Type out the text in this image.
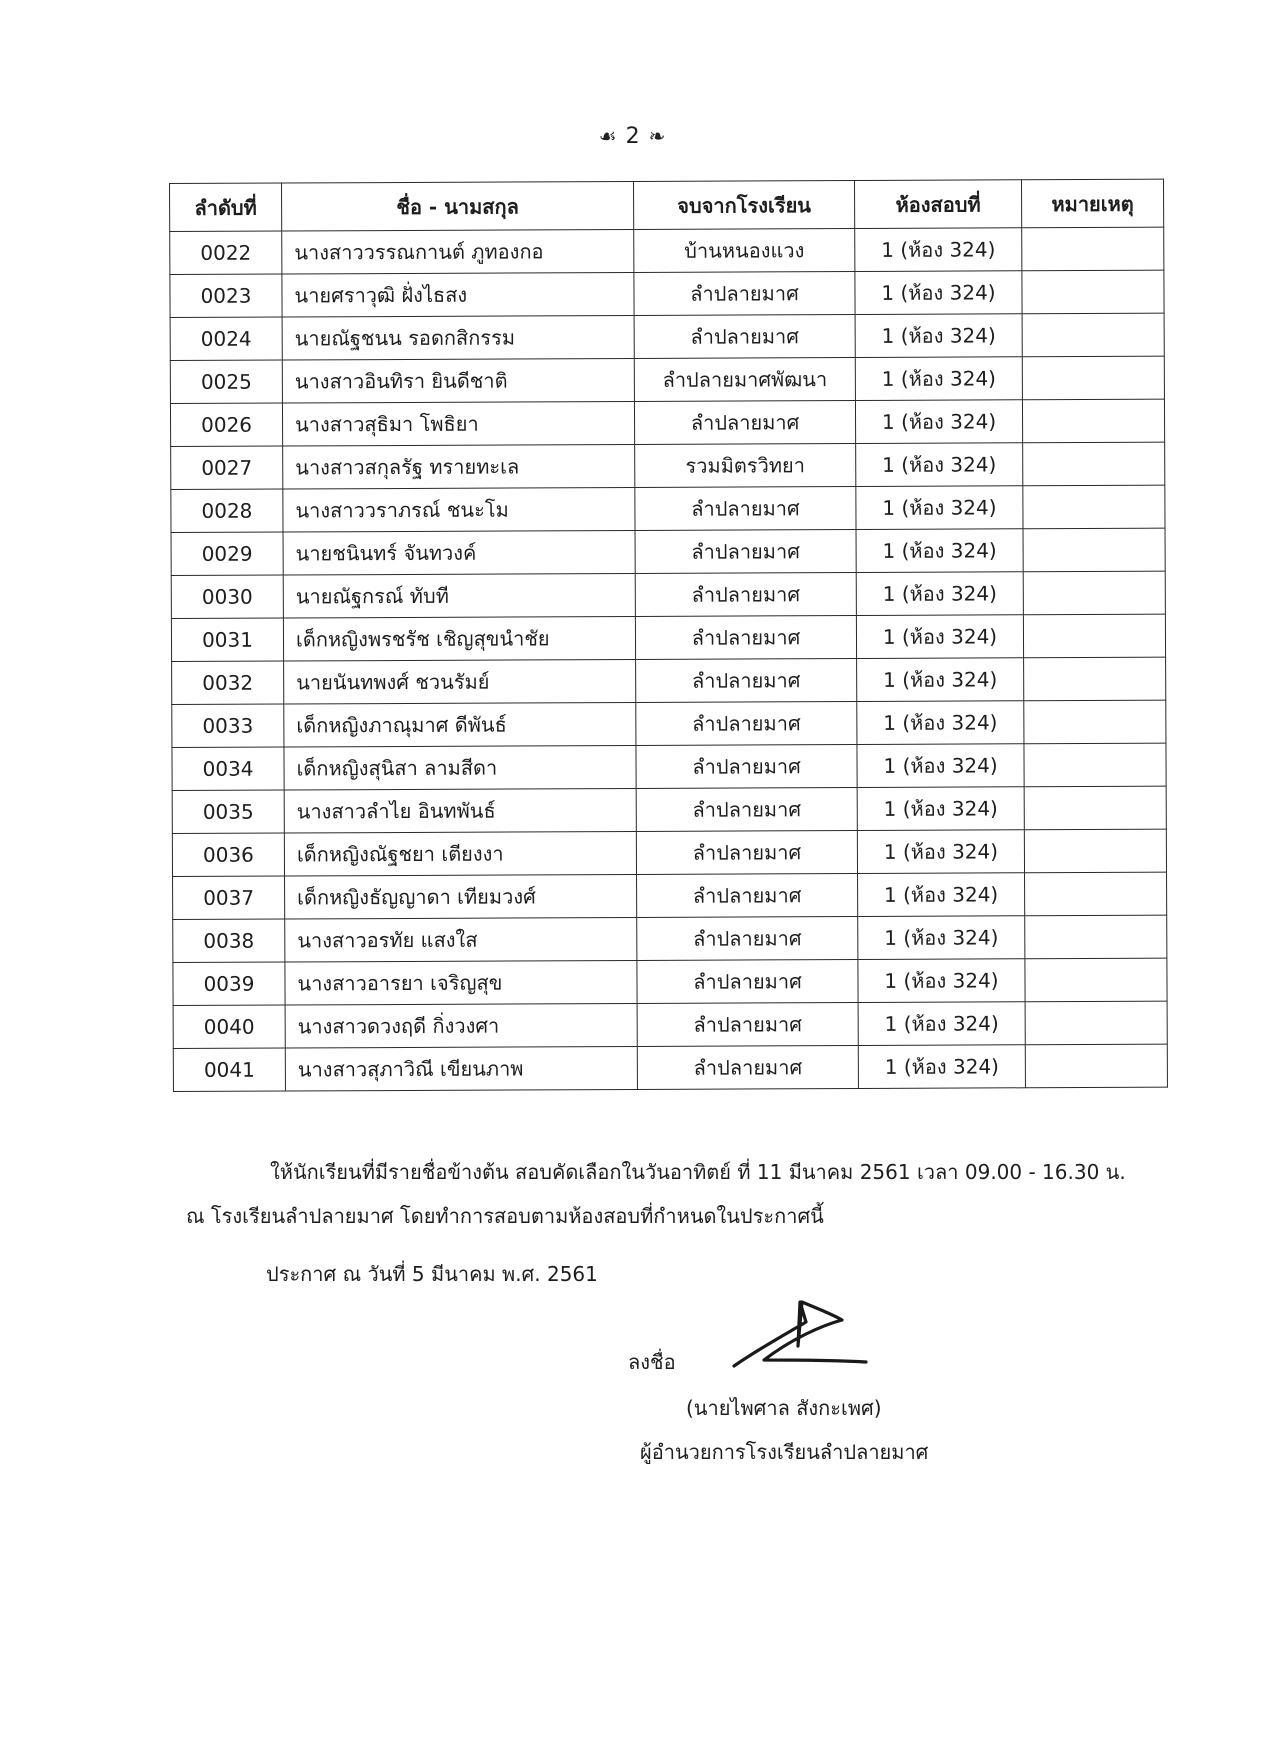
☙ 2 ❧
ลำดับที่	ชื่อ - นามสกุล	จบจากโรงเรียน	ห้องสอบที่	หมายเหตุ
0022	นางสาววรรณกานต์ ภูทองกอ	บ้านหนองแวง	1 (ห้อง 324)	
0023	นายศราวุฒิ ฝั่งไธสง	ลำปลายมาศ	1 (ห้อง 324)	
0024	นายณัฐชนน รอดกสิกรรม	ลำปลายมาศ	1 (ห้อง 324)	
0025	นางสาวอินทิรา ยินดีชาติ	ลำปลายมาศพัฒนา	1 (ห้อง 324)	
0026	นางสาวสุธิมา โพธิยา	ลำปลายมาศ	1 (ห้อง 324)	
0027	นางสาวสกุลรัฐ ทรายทะเล	รวมมิตรวิทยา	1 (ห้อง 324)	
0028	นางสาววราภรณ์ ชนะโม	ลำปลายมาศ	1 (ห้อง 324)	
0029	นายชนินทร์ จันทวงค์	ลำปลายมาศ	1 (ห้อง 324)	
0030	นายณัฐกรณ์ ทับที	ลำปลายมาศ	1 (ห้อง 324)	
0031	เด็กหญิงพรชรัช เชิญสุขนำชัย	ลำปลายมาศ	1 (ห้อง 324)	
0032	นายนันทพงศ์ ชวนรัมย์	ลำปลายมาศ	1 (ห้อง 324)	
0033	เด็กหญิงภาณุมาศ ดีพันธ์	ลำปลายมาศ	1 (ห้อง 324)	
0034	เด็กหญิงสุนิสา ลามสีดา	ลำปลายมาศ	1 (ห้อง 324)	
0035	นางสาวลำไย อินทพันธ์	ลำปลายมาศ	1 (ห้อง 324)	
0036	เด็กหญิงณัฐชยา เตียงงา	ลำปลายมาศ	1 (ห้อง 324)	
0037	เด็กหญิงธัญญาดา เทียมวงศ์	ลำปลายมาศ	1 (ห้อง 324)	
0038	นางสาวอรทัย แสงใส	ลำปลายมาศ	1 (ห้อง 324)	
0039	นางสาวอารยา เจริญสุข	ลำปลายมาศ	1 (ห้อง 324)	
0040	นางสาวดวงฤดี กิ่งวงศา	ลำปลายมาศ	1 (ห้อง 324)	
0041	นางสาวสุภาวิณี เขียนภาพ	ลำปลายมาศ	1 (ห้อง 324)	
ให้นักเรียนที่มีรายชื่อข้างต้น สอบคัดเลือกในวันอาทิตย์ ที่ 11 มีนาคม 2561 เวลา 09.00 - 16.30 น.
ณ โรงเรียนลำปลายมาศ โดยทำการสอบตามห้องสอบที่กำหนดในประกาศนี้
ประกาศ ณ วันที่ 5 มีนาคม พ.ศ. 2561
ลงชื่อ
(นายไพศาล สังกะเพศ)
ผู้อำนวยการโรงเรียนลำปลายมาศ
